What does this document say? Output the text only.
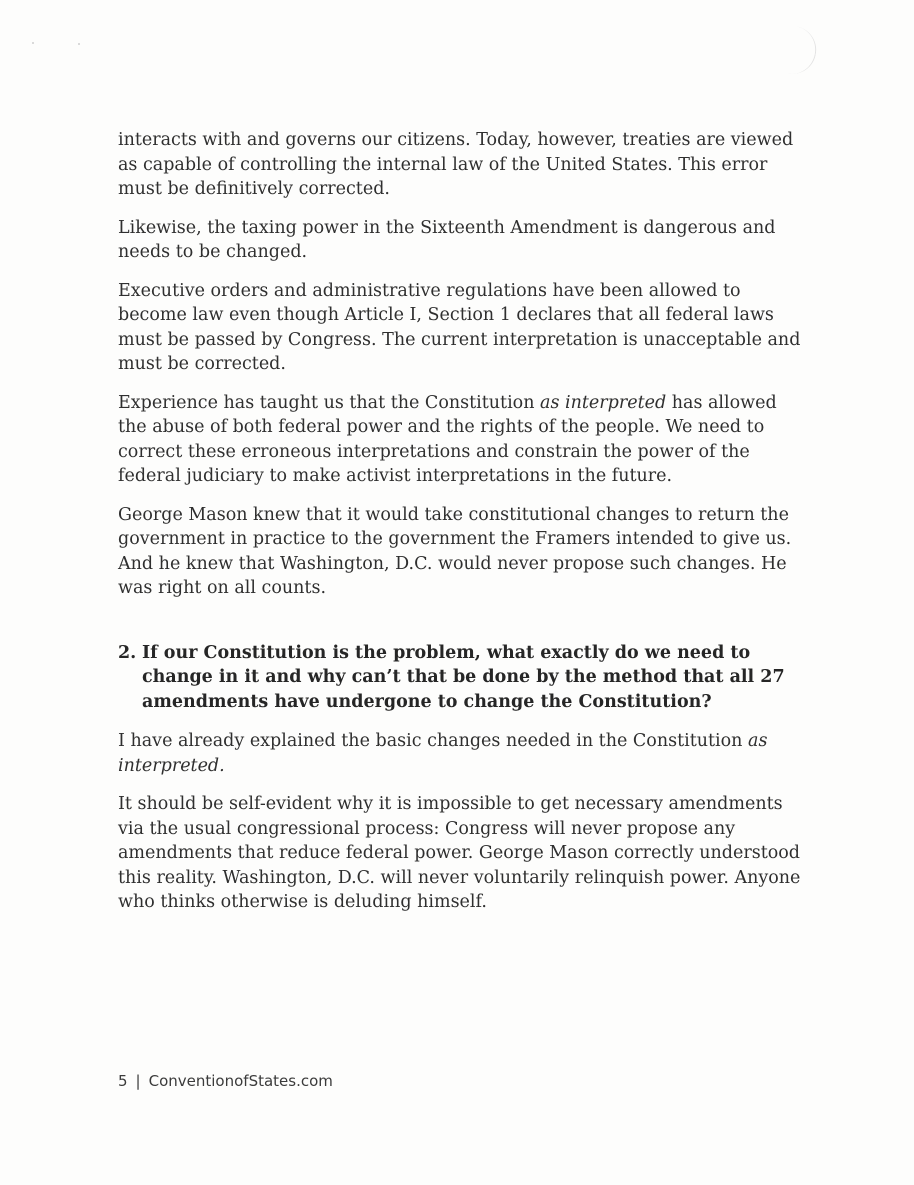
interacts with and governs our citizens. Today, however, treaties are viewed as capable of controlling the internal law of the United States. This error must be definitively corrected.

Likewise, the taxing power in the Sixteenth Amendment is dangerous and needs to be changed.

Executive orders and administrative regulations have been allowed to become law even though Article I, Section 1 declares that all federal laws must be passed by Congress. The current interpretation is unacceptable and must be corrected.

Experience has taught us that the Constitution as interpreted has allowed the abuse of both federal power and the rights of the people. We need to correct these erroneous interpretations and constrain the power of the federal judiciary to make activist interpretations in the future.

George Mason knew that it would take constitutional changes to return the government in practice to the government the Framers intended to give us. And he knew that Washington, D.C. would never propose such changes. He was right on all counts.

2. If our Constitution is the problem, what exactly do we need to change in it and why can’t that be done by the method that all 27 amendments have undergone to change the Constitution?

I have already explained the basic changes needed in the Constitution as interpreted.

It should be self-evident why it is impossible to get necessary amendments via the usual congressional process: Congress will never propose any amendments that reduce federal power. George Mason correctly understood this reality. Washington, D.C. will never voluntarily relinquish power. Anyone who thinks otherwise is deluding himself.

5 | ConventionofStates.com
